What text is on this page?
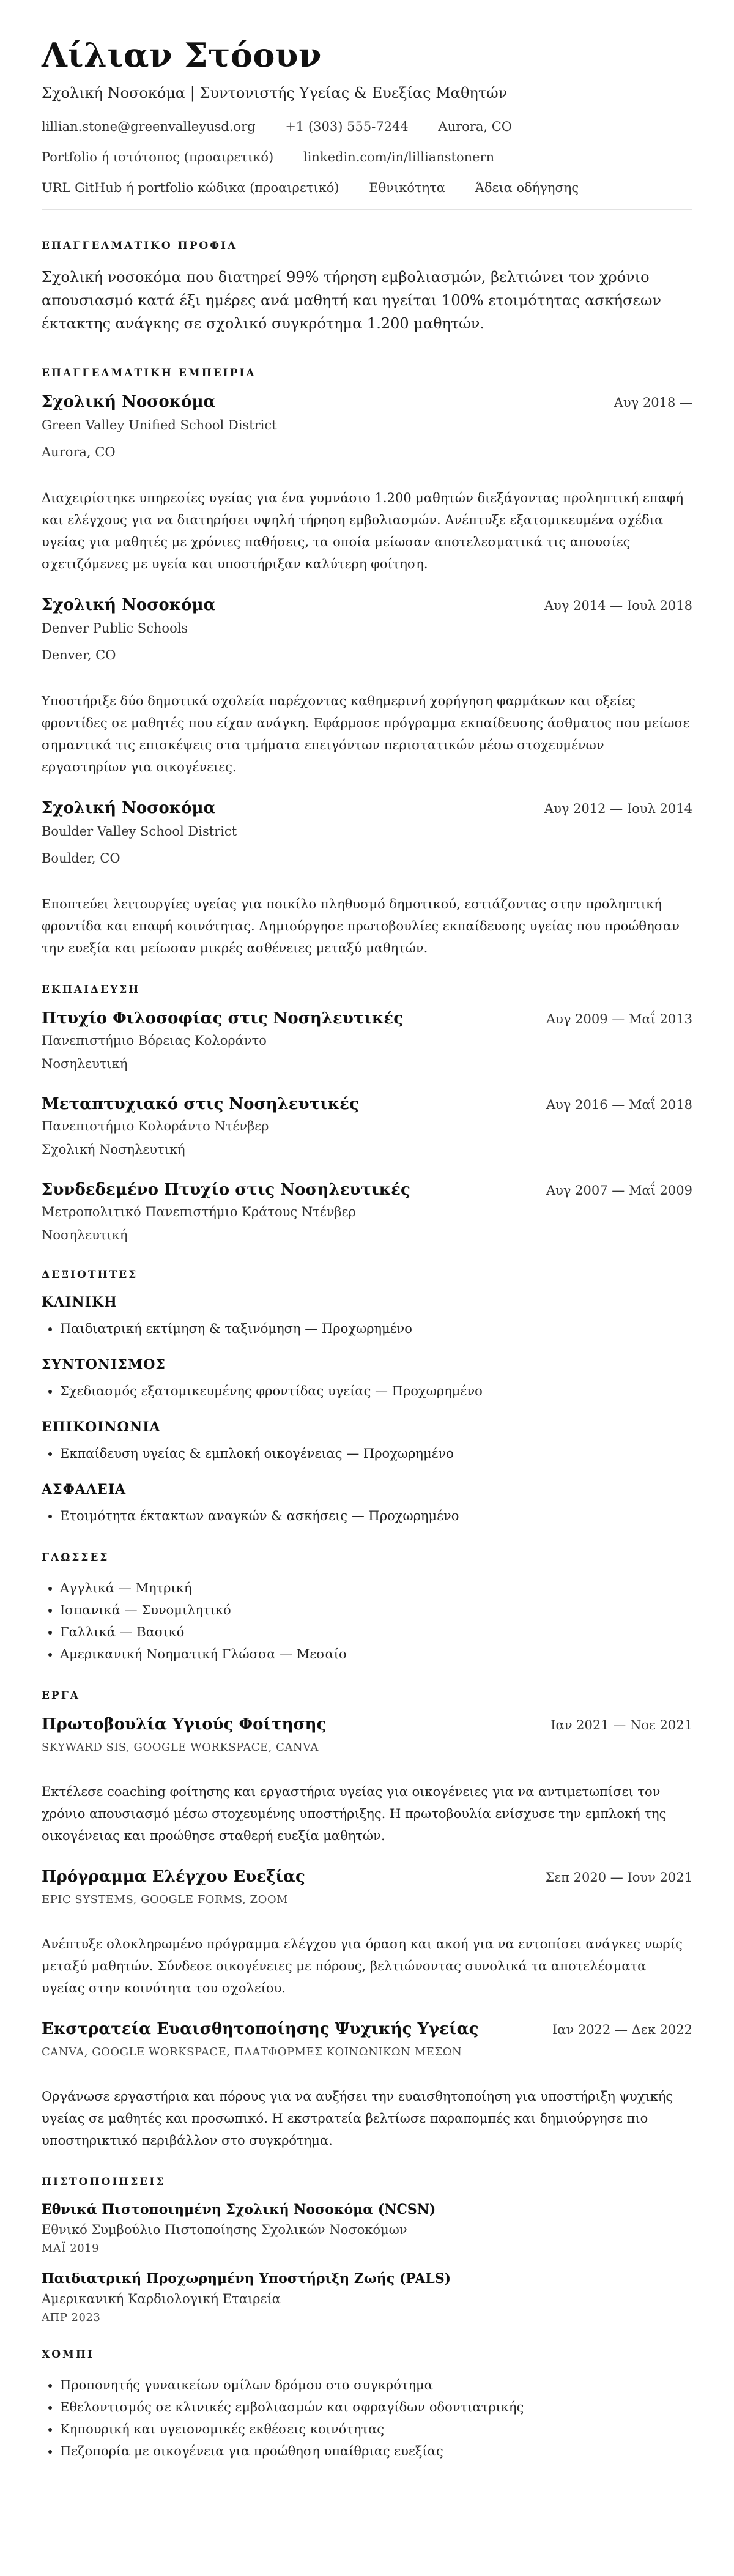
Λίλιαν Στόουν
Σχολική Νοσοκόμα | Συντονιστής Υγείας & Ευεξίας Μαθητών
lillian.stone@greenvalleyusd.org +1 (303) 555-7244 Aurora, CO
Portfolio ή ιστότοπος (προαιρετικό) linkedin.com/in/lillianstonern
URL GitHub ή portfolio κώδικα (προαιρετικό) Εθνικότητα Άδεια οδήγησης
ΕΠΑΓΓΕΛΜΑΤΙΚΟ ΠΡΟΦΙΛ

Σχολική νοσοκόμα που διατηρεί 99% τήρηση εμβολιασμών, βελτιώνει τον χρόνιο απουσιασμό κατά έξι ημέρες ανά μαθητή και ηγείται 100% ετοιμότητας ασκήσεων έκτακτης ανάγκης σε σχολικό συγκρότημα 1.200 μαθητών.

ΕΠΑΓΓΕΛΜΑΤΙΚΗ ΕΜΠΕΙΡΙΑ
Σχολική Νοσοκόμα	Αυγ 2018 —
Green Valley Unified School District
Aurora, CO
Διαχειρίστηκε υπηρεσίες υγείας για ένα γυμνάσιο 1.200 μαθητών διεξάγοντας προληπτική επαφή και ελέγχους για να διατηρήσει υψηλή τήρηση εμβολιασμών. Ανέπτυξε εξατομικευμένα σχέδια υγείας για μαθητές με χρόνιες παθήσεις, τα οποία μείωσαν αποτελεσματικά τις απουσίες σχετιζόμενες με υγεία και υποστήριξαν καλύτερη φοίτηση.
Σχολική Νοσοκόμα	Αυγ 2014 — Ιουλ 2018
Denver Public Schools
Denver, CO
Υποστήριξε δύο δημοτικά σχολεία παρέχοντας καθημερινή χορήγηση φαρμάκων και οξείες φροντίδες σε μαθητές που είχαν ανάγκη. Εφάρμοσε πρόγραμμα εκπαίδευσης άσθματος που μείωσε σημαντικά τις επισκέψεις στα τμήματα επειγόντων περιστατικών μέσω στοχευμένων εργαστηρίων για οικογένειες.
Σχολική Νοσοκόμα	Αυγ 2012 — Ιουλ 2014
Boulder Valley School District
Boulder, CO
Εποπτεύει λειτουργίες υγείας για ποικίλο πληθυσμό δημοτικού, εστιάζοντας στην προληπτική φροντίδα και επαφή κοινότητας. Δημιούργησε πρωτοβουλίες εκπαίδευσης υγείας που προώθησαν την ευεξία και μείωσαν μικρές ασθένειες μεταξύ μαθητών.
ΕΚΠΑΙΔΕΥΣΗ
Πτυχίο Φιλοσοφίας στις Νοσηλευτικές	Αυγ 2009 — Μαΐ 2013
Πανεπιστήμιο Βόρειας Κολοράντο
Νοσηλευτική
Μεταπτυχιακό στις Νοσηλευτικές	Αυγ 2016 — Μαΐ 2018
Πανεπιστήμιο Κολοράντο Ντένβερ
Σχολική Νοσηλευτική
Συνδεδεμένο Πτυχίο στις Νοσηλευτικές	Αυγ 2007 — Μαΐ 2009
Μετροπολιτικό Πανεπιστήμιο Κράτους Ντένβερ
Νοσηλευτική
ΔΕΞΙΟΤΗΤΕΣ
ΚΛΙΝΙΚΗ
• Παιδιατρική εκτίμηση & ταξινόμηση — Προχωρημένο
ΣΥΝΤΟΝΙΣΜΟΣ
• Σχεδιασμός εξατομικευμένης φροντίδας υγείας — Προχωρημένο
ΕΠΙΚΟΙΝΩΝΙΑ
• Εκπαίδευση υγείας & εμπλοκή οικογένειας — Προχωρημένο
ΑΣΦΑΛΕΙΑ
• Ετοιμότητα έκτακτων αναγκών & ασκήσεις — Προχωρημένο
ΓΛΩΣΣΕΣ
• Αγγλικά — Μητρική
• Ισπανικά — Συνομιλητικό
• Γαλλικά — Βασικό
• Αμερικανική Νοηματική Γλώσσα — Μεσαίο
ΕΡΓΑ
Πρωτοβουλία Υγιούς Φοίτησης	Ιαν 2021 — Νοε 2021
SKYWARD SIS, GOOGLE WORKSPACE, CANVA
Εκτέλεσε coaching φοίτησης και εργαστήρια υγείας για οικογένειες για να αντιμετωπίσει τον χρόνιο απουσιασμό μέσω στοχευμένης υποστήριξης. Η πρωτοβουλία ενίσχυσε την εμπλοκή της οικογένειας και προώθησε σταθερή ευεξία μαθητών.
Πρόγραμμα Ελέγχου Ευεξίας	Σεπ 2020 — Ιουν 2021
EPIC SYSTEMS, GOOGLE FORMS, ZOOM
Ανέπτυξε ολοκληρωμένο πρόγραμμα ελέγχου για όραση και ακοή για να εντοπίσει ανάγκες νωρίς μεταξύ μαθητών. Σύνδεσε οικογένειες με πόρους, βελτιώνοντας συνολικά τα αποτελέσματα υγείας στην κοινότητα του σχολείου.
Εκστρατεία Ευαισθητοποίησης Ψυχικής Υγείας	Ιαν 2022 — Δεκ 2022
CANVA, GOOGLE WORKSPACE, ΠΛΑΤΦΟΡΜΕΣ ΚΟΙΝΩΝΙΚΩΝ ΜΕΣΩΝ
Οργάνωσε εργαστήρια και πόρους για να αυξήσει την ευαισθητοποίηση για υποστήριξη ψυχικής υγείας σε μαθητές και προσωπικό. Η εκστρατεία βελτίωσε παραπομπές και δημιούργησε πιο υποστηρικτικό περιβάλλον στο συγκρότημα.
ΠΙΣΤΟΠΟΙΗΣΕΙΣ
Εθνικά Πιστοποιημένη Σχολική Νοσοκόμα (NCSN)
Εθνικό Συμβούλιο Πιστοποίησης Σχολικών Νοσοκόμων
ΜΑΪ 2019
Παιδιατρική Προχωρημένη Υποστήριξη Ζωής (PALS)
Αμερικανική Καρδιολογική Εταιρεία
ΑΠΡ 2023
ΧΟΜΠΙ
• Προπονητής γυναικείων ομίλων δρόμου στο συγκρότημα
• Εθελοντισμός σε κλινικές εμβολιασμών και σφραγίδων οδοντιατρικής
• Κηπουρική και υγειονομικές εκθέσεις κοινότητας
• Πεζοπορία με οικογένεια για προώθηση υπαίθριας ευεξίας
